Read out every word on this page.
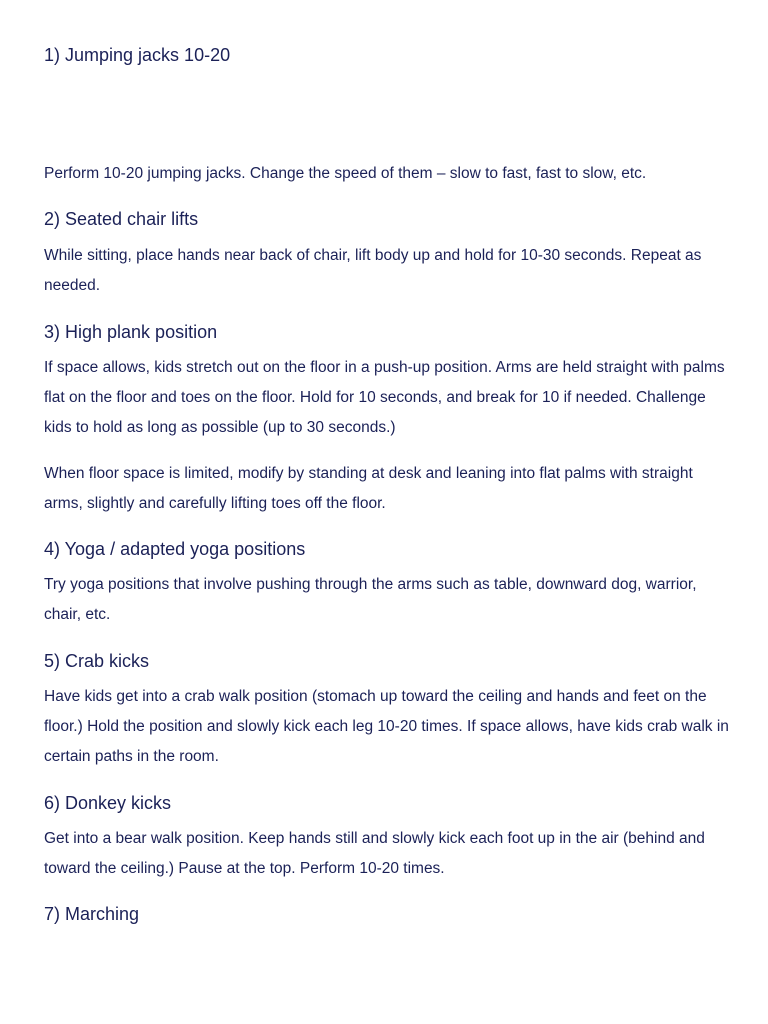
1) Jumping jacks 10-20

Perform 10-20 jumping jacks. Change the speed of them – slow to fast, fast to slow, etc.

2) Seated chair lifts

While sitting, place hands near back of chair, lift body up and hold for 10-30 seconds. Repeat as needed.

3) High plank position

If space allows, kids stretch out on the floor in a push-up position. Arms are held straight with palms flat on the floor and toes on the floor. Hold for 10 seconds, and break for 10 if needed. Challenge kids to hold as long as possible (up to 30 seconds.)

When floor space is limited, modify by standing at desk and leaning into flat palms with straight arms, slightly and carefully lifting toes off the floor.

4) Yoga / adapted yoga positions

Try yoga positions that involve pushing through the arms such as table, downward dog, warrior, chair, etc.

5) Crab kicks

Have kids get into a crab walk position (stomach up toward the ceiling and hands and feet on the floor.) Hold the position and slowly kick each leg 10-20 times. If space allows, have kids crab walk in certain paths in the room.

6) Donkey kicks

Get into a bear walk position. Keep hands still and slowly kick each foot up in the air (behind and toward the ceiling.) Pause at the top. Perform 10-20 times.

7) Marching
